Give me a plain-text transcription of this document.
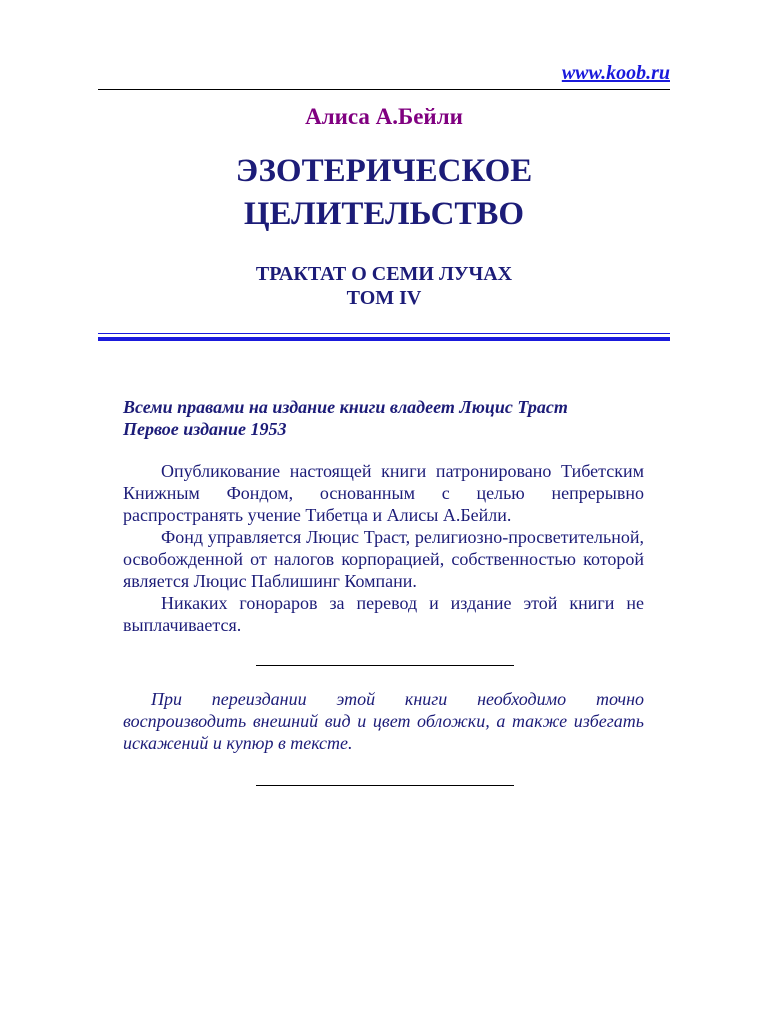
www.koob.ru
Алиса А.Бейли
ЭЗОТЕРИЧЕСКОЕ
ЦЕЛИТЕЛЬСТВО
ТРАКТАТ О СЕМИ ЛУЧАХ
ТОМ IV
Всеми правами на издание книги владеет Люцис Траст
Первое издание 1953

Опубликование настоящей книги патронировано Тибетским Книжным Фондом, основанным с целью непрерывно распространять учение Тибетца и Алисы А.Бейли.

Фонд управляется Люцис Траст, религиозно-просветительной, освобожденной от налогов корпорацией, собственностью которой является Люцис Паблишинг Компани.

Никаких гонораров за перевод и издание этой книги не выплачивается.

При переиздании этой книги необходимо точно воспроизводить внешний вид и цвет обложки, а также избегать искажений и купюр в тексте.
